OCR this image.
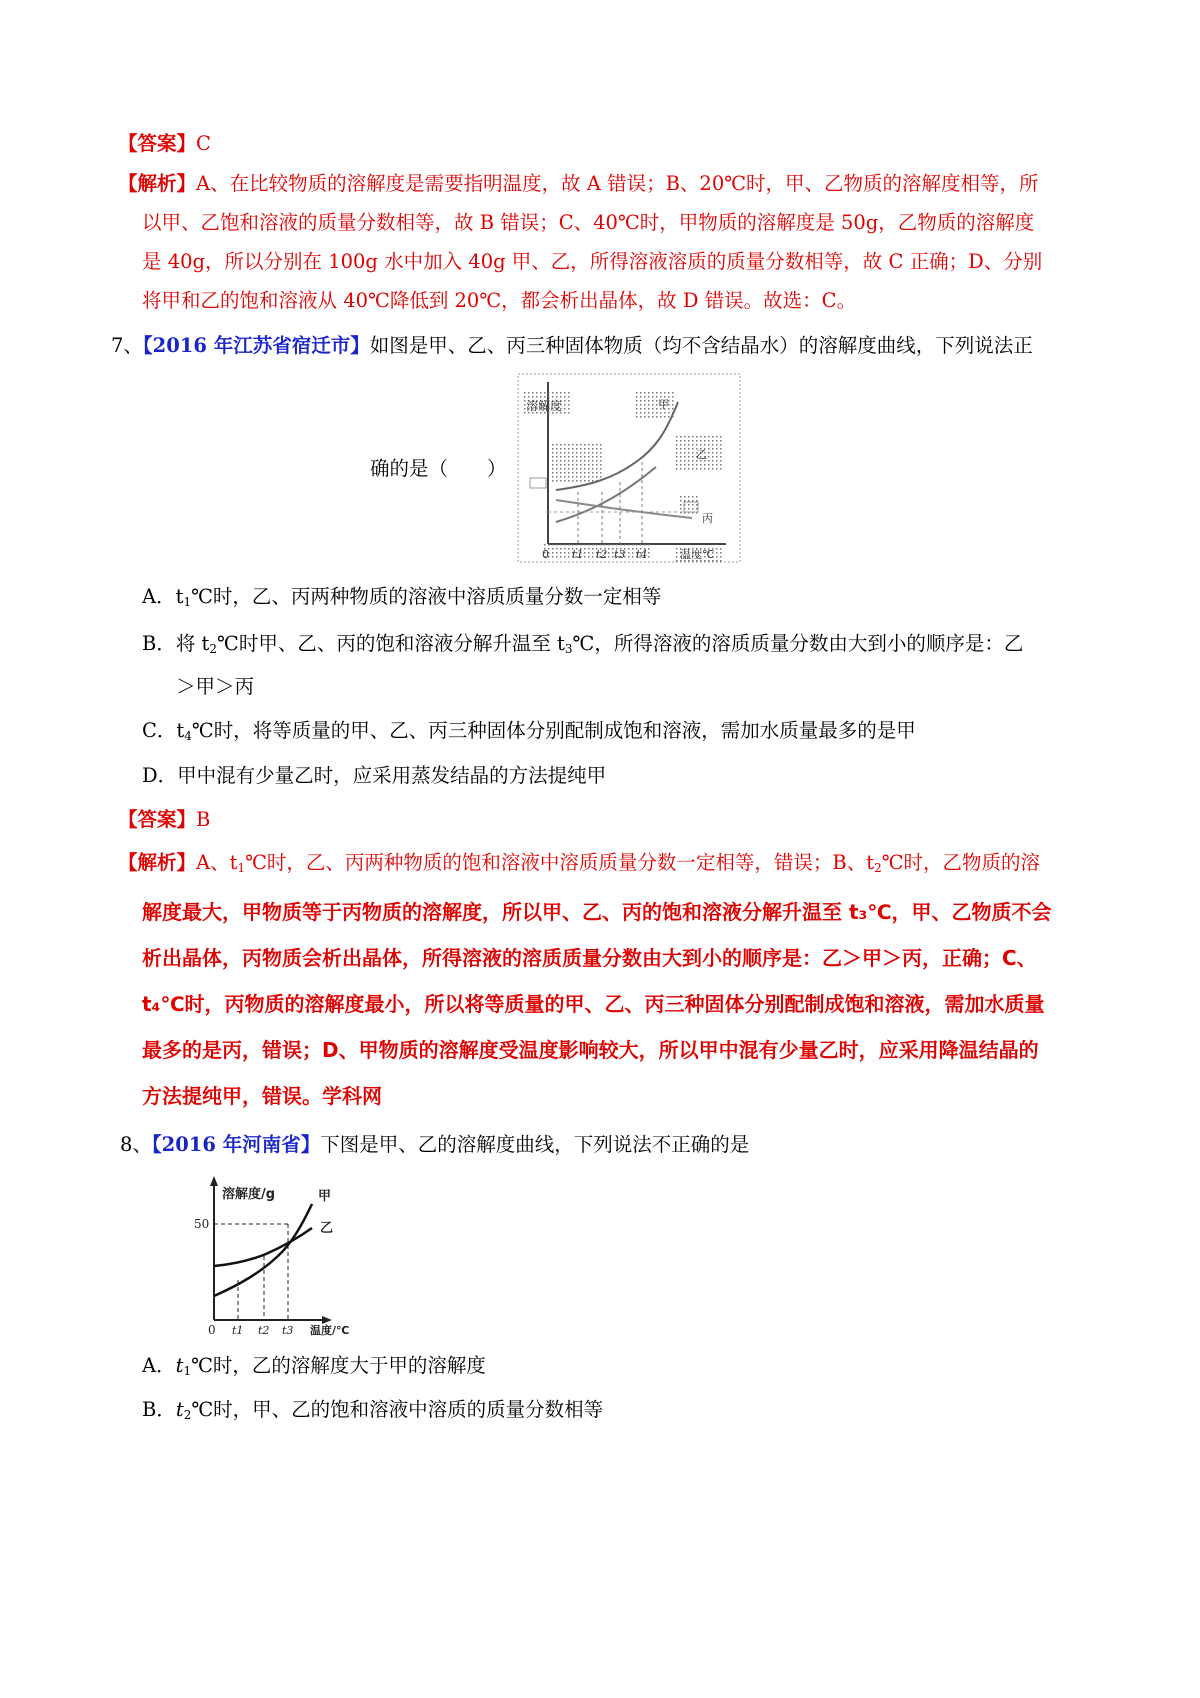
【答案】C
【解析】A、在比较物质的溶解度是需要指明温度，故 A 错误；B、20℃时，甲、乙物质的溶解度相等，所
以甲、乙饱和溶液的质量分数相等，故 B 错误；C、40℃时，甲物质的溶解度是 50g，乙物质的溶解度
是 40g，所以分别在 100g 水中加入 40g 甲、乙，所得溶液溶质的质量分数相等，故 C 正确；D、分别
将甲和乙的饱和溶液从 40℃降低到 20℃，都会析出晶体，故 D 错误。故选：C。
7、【2016 年江苏省宿迁市】如图是甲、乙、丙三种固体物质（均不含结晶水）的溶解度曲线，下列说法正
确的是（　　）
溶解度
0 t1 t2 t3 t4	温度℃
甲
乙
丙
A．$t_1℃$时，乙、丙两种物质的溶液中溶质质量分数一定相等
B．将 $t_2℃$时甲、乙、丙的饱和溶液分解升温至 $t_3℃$，所得溶液的溶质质量分数由大到小的顺序是：乙
＞甲＞丙
C．$t_4℃$时，将等质量的甲、乙、丙三种固体分别配制成饱和溶液，需加水质量最多的是甲
D．甲中混有少量乙时，应采用蒸发结晶的方法提纯甲
【答案】B
【解析】A、$t_1℃$时，乙、丙两种物质的饱和溶液中溶质质量分数一定相等，错误；B、$t_2℃$时，乙物质的溶
解度最大，甲物质等于丙物质的溶解度，所以甲、乙、丙的饱和溶液分解升温至 t₃℃，甲、乙物质不会
析出晶体，丙物质会析出晶体，所得溶液的溶质质量分数由大到小的顺序是：乙＞甲＞丙，正确；C、
t₄℃时，丙物质的溶解度最小，所以将等质量的甲、乙、丙三种固体分别配制成饱和溶液，需加水质量
最多的是丙，错误；D、甲物质的溶解度受温度影响较大，所以甲中混有少量乙时，应采用降温结晶的
方法提纯甲，错误。学科网
8、【2016 年河南省】下图是甲、乙的溶解度曲线，下列说法不正确的是
溶解度/g
50
甲
乙
0 t1 t2 t3 温度/℃
A．$t_1℃$时，乙的溶解度大于甲的溶解度
B．$t_2℃$时，甲、乙的饱和溶液中溶质的质量分数相等
